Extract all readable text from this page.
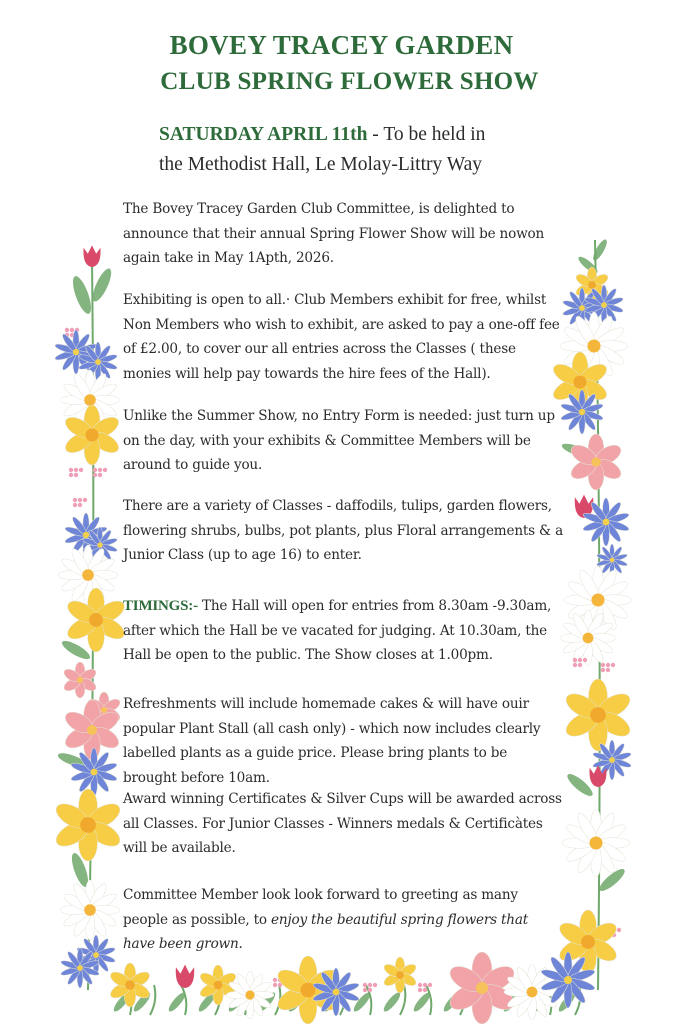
BOVEY TRACEY GARDEN
CLUB SPRING FLOWER SHOW
SATURDAY APRIL 11th - To be held in
the Methodist Hall, Le Molay-Littry Way
The Bovey Tracey Garden Club Committee, is delighted to announce that their annual Spring Flower Show will be nowon again take in May 1Apth, 2026.
Exhibiting is open to all.· Club Members exhibit for free, whilst Non Members who wish to exhibit, are asked to pay a one-off fee of £2.00, to cover our all entries across the Classes ( these monies will help pay towards the hire fees of the Hall).
Unlike the Summer Show, no Entry Form is needed: just turn up on the day, with your exhibits & Committee Members will be around to guide you.
There are a variety of Classes - daffodils, tulips, garden flowers, flowering shrubs, bulbs, pot plants, plus Floral arrangements & a Junior Class (up to age 16) to enter.
TIMINGS:- The Hall will open for entries from 8.30am -9.30am, after which the Hall be ve vacated for judging. At 10.30am, the Hall be open to the public. The Show closes at 1.00pm.
Refreshments will include homemade cakes & will have ouir popular Plant Stall (all cash only) - which now includes clearly labelled plants as a guide price. Please bring plants to be brought before 10am.
Award winning Certificates & Silver Cups will be awarded across all Classes. For Junior Classes - Winners medals & Certificàtes will be available.
Committee Member look look forward to greeting as many people as possible, to enjoy the beautiful spring flowers that have been grown.
